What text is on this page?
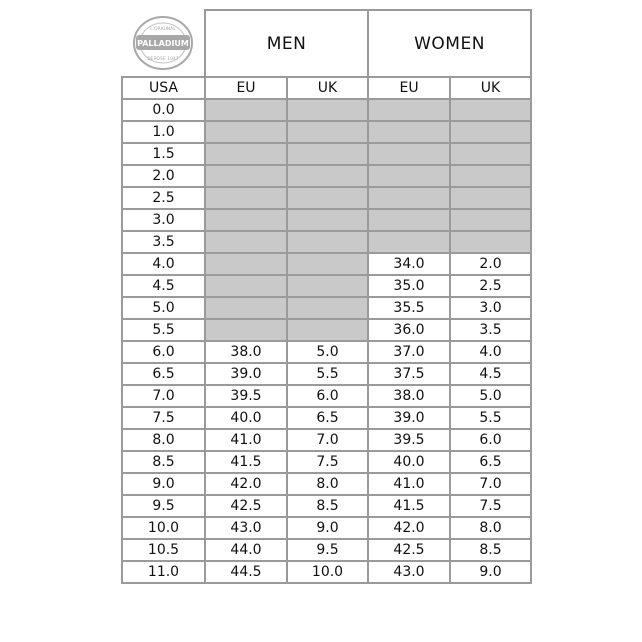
PALLADIUM
L'ORIGINAL
DEPOSE 1947
	MEN		WOMEN	
USA	EU	UK	EU	UK
0.0				
1.0				
1.5				
2.0				
2.5				
3.0				
3.5				
4.0			34.0	2.0
4.5			35.0	2.5
5.0			35.5	3.0
5.5			36.0	3.5
6.0	38.0	5.0	37.0	4.0
6.5	39.0	5.5	37.5	4.5
7.0	39.5	6.0	38.0	5.0
7.5	40.0	6.5	39.0	5.5
8.0	41.0	7.0	39.5	6.0
8.5	41.5	7.5	40.0	6.5
9.0	42.0	8.0	41.0	7.0
9.5	42.5	8.5	41.5	7.5
10.0	43.0	9.0	42.0	8.0
10.5	44.0	9.5	42.5	8.5
11.0	44.5	10.0	43.0	9.0
